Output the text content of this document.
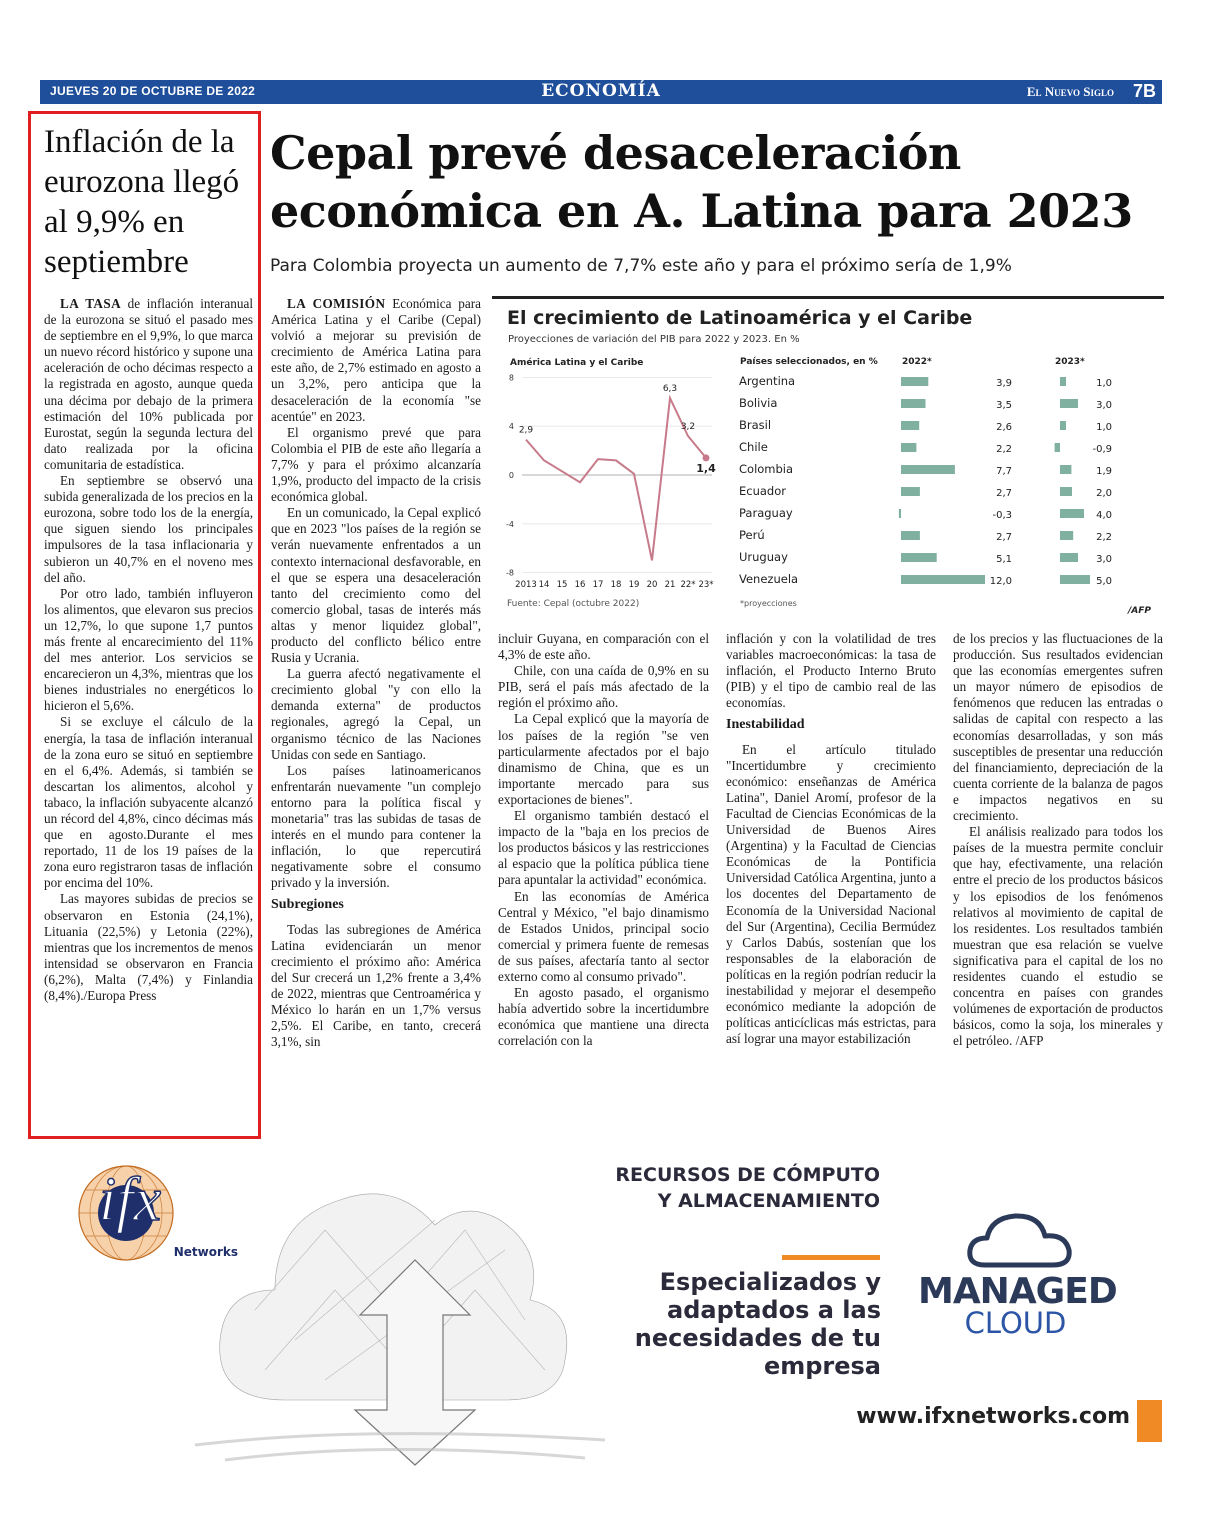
JUEVES 20 DE OCTUBRE DE 2022	ECONOMÍA	El Nuevo Siglo 7B
Inflación de la eurozona llegó al 9,9% en septiembre

LA TASA de inflación interanual de la eurozona se situó el pasado mes de septiembre en el 9,9%, lo que marca un nuevo récord histórico y supone una aceleración de ocho décimas respecto a la registrada en agosto, aunque queda una décima por debajo de la primera estimación del 10% publicada por Eurostat, según la segunda lectura del dato realizada por la oficina comunitaria de estadística.

En septiembre se observó una subida generalizada de los precios en la eurozona, sobre todo los de la energía, que siguen siendo los principales impulsores de la tasa inflacionaria y subieron un 40,7% en el noveno mes del año.

Por otro lado, también influyeron los alimentos, que elevaron sus precios un 12,7%, lo que supone 1,7 puntos más frente al encarecimiento del 11% del mes anterior. Los servicios se encarecieron un 4,3%, mientras que los bienes industriales no energéticos lo hicieron el 5,6%.

Si se excluye el cálculo de la energía, la tasa de inflación interanual de la zona euro se situó en septiembre en el 6,4%. Además, si también se descartan los alimentos, alcohol y tabaco, la inflación subyacente alcanzó un récord del 4,8%, cinco décimas más que en agosto.Durante el mes reportado, 11 de los 19 países de la zona euro registraron tasas de inflación por encima del 10%.

Las mayores subidas de precios se observaron en Estonia (24,1%), Lituania (22,5%) y Letonia (22%), mientras que los incrementos de menos intensidad se observaron en Francia (6,2%), Malta (7,4%) y Finlandia (8,4%)./Europa Press

Cepal prevé desaceleración económica en A. Latina para 2023
Para Colombia proyecta un aumento de 7,7% este año y para el próximo sería de 1,9%

LA COMISIÓN Económica para América Latina y el Caribe (Cepal) volvió a mejorar su previsión de crecimiento de América Latina para este año, de 2,7% estimado en agosto a un 3,2%, pero anticipa que la desaceleración de la economía "se acentúe" en 2023.

El organismo prevé que para Colombia el PIB de este año llegaría a 7,7% y para el próximo alcanzaría 1,9%, producto del impacto de la crisis económica global.

En un comunicado, la Cepal explicó que en 2023 "los países de la región se verán nuevamente enfrentados a un contexto internacional desfavorable, en el que se espera una desaceleración tanto del crecimiento como del comercio global, tasas de interés más altas y menor liquidez global", producto del conflicto bélico entre Rusia y Ucrania.

La guerra afectó negativamente el crecimiento global "y con ello la demanda externa" de productos regionales, agregó la Cepal, un organismo técnico de las Naciones Unidas con sede en Santiago.

Los países latinoamericanos enfrentarán nuevamente "un complejo entorno para la política fiscal y monetaria" tras las subidas de tasas de interés en el mundo para contener la inflación, lo que repercutirá negativamente sobre el consumo privado y la inversión.

Subregiones

Todas las subregiones de América Latina evidenciarán un menor crecimiento el próximo año: América del Sur crecerá un 1,2% frente a 3,4% de 2022, mientras que Centroamérica y México lo harán en un 1,7% versus 2,5%. El Caribe, en tanto, crecerá 3,1%, sin

incluir Guyana, en comparación con el 4,3% de este año.

Chile, con una caída de 0,9% en su PIB, será el país más afectado de la región el próximo año.

La Cepal explicó que la mayoría de los países de la región "se ven particularmente afectados por el bajo dinamismo de China, que es un importante mercado para sus exportaciones de bienes".

El organismo también destacó el impacto de la "baja en los precios de los productos básicos y las restricciones al espacio que la política pública tiene para apuntalar la actividad" económica.

En las economías de América Central y México, "el bajo dinamismo de Estados Unidos, principal socio comercial y primera fuente de remesas de sus países, afectaría tanto al sector externo como al consumo privado".

En agosto pasado, el organismo había advertido sobre la incertidumbre económica que mantiene una directa correlación con la

inflación y con la volatilidad de tres variables macroeconómicas: la tasa de inflación, el Producto Interno Bruto (PIB) y el tipo de cambio real de las economías.

Inestabilidad

En el artículo titulado "Incertidumbre y crecimiento económico: enseñanzas de América Latina", Daniel Aromí, profesor de la Facultad de Ciencias Económicas de la Universidad de Buenos Aires (Argentina) y la Facultad de Ciencias Económicas de la Pontificia Universidad Católica Argentina, junto a los docentes del Departamento de Economía de la Universidad Nacional del Sur (Argentina), Cecilia Bermúdez y Carlos Dabús, sostenían que los responsables de la elaboración de políticas en la región podrían reducir la inestabilidad y mejorar el desempeño económico mediante la adopción de políticas anticíclicas más estrictas, para así lograr una mayor estabilización

de los precios y las fluctuaciones de la producción. Sus resultados evidencian que las economías emergentes sufren un mayor número de episodios de fenómenos que reducen las entradas o salidas de capital con respecto a las economías desarrolladas, y son más susceptibles de presentar una reducción del financiamiento, depreciación de la cuenta corriente de la balanza de pagos e impactos negativos en su crecimiento.

El análisis realizado para todos los países de la muestra permite concluir que hay, efectivamente, una relación entre el precio de los productos básicos y los episodios de los fenómenos relativos al movimiento de capital de los residentes. Los resultados también muestran que esa relación se vuelve significativa para el capital de los no residentes cuando el estudio se concentra en países con grandes volúmenes de exportación de productos básicos, como la soja, los minerales y el petróleo. /AFP

El crecimiento de Latinoamérica y el Caribe
Proyecciones de variación del PIB para 2022 y 2023. En %
América Latina y el Caribe	Países seleccionados, en %	2022*	2023*
Fuente: Cepal (octubre 2022)	*proyecciones
/AFP
8
4
0
-4
-8
2013
2,9
14 15 16 17 18 19 20 21
6,3
22*
3,2
23*
1,4
Argentina	3,9	1,0
Bolivia	3,5	3,0
Brasil	2,6	1,0
Chile	2,2	-0,9
Colombia	7,7	1,9
Ecuador	2,7	2,0
Paraguay	-0,3	4,0
Perú	2,7	2,2
Uruguay	5,1	3,0
Venezuela	12,0	5,0
ifx
Networks
RECURSOS DE CÓMPUTO Y ALMACENAMIENTO
Especializados y adaptados a las necesidades de tu empresa
MANAGED
CLOUD
www.ifxnetworks.com
